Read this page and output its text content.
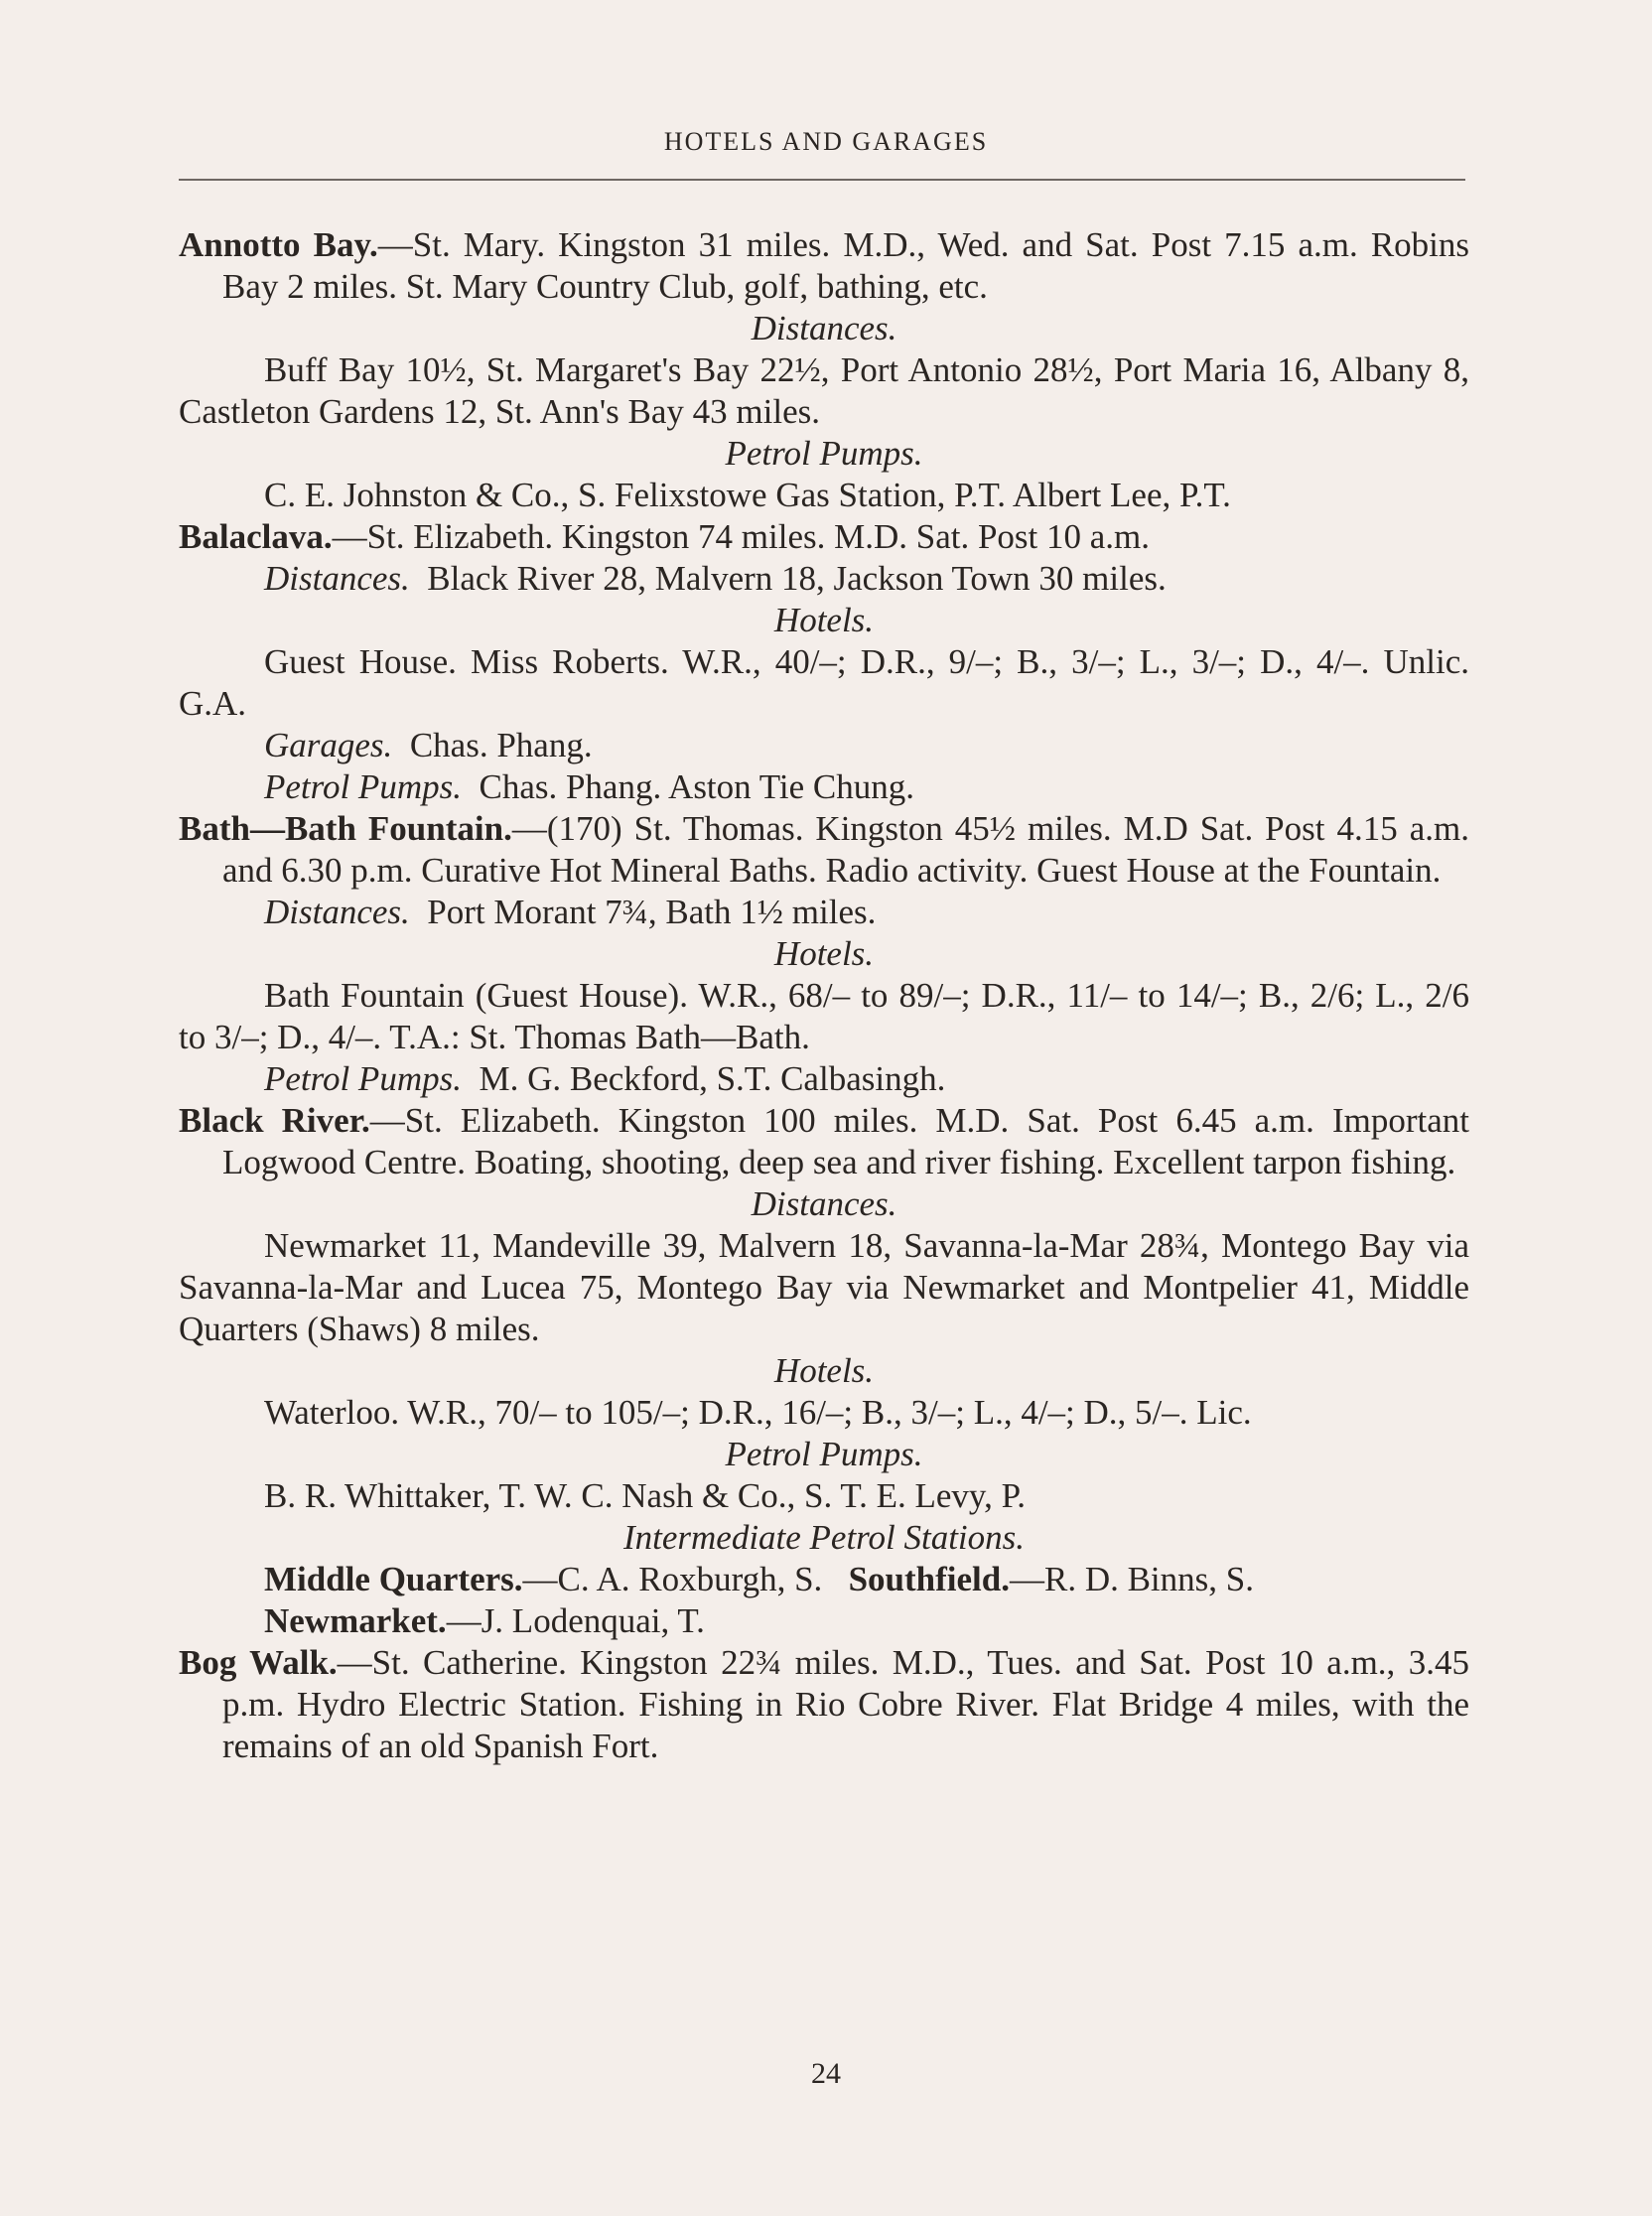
HOTELS AND GARAGES

Annotto Bay.—St. Mary. Kingston 31 miles. M.D., Wed. and Sat. Post 7.15 a.m. Robins Bay 2 miles. St. Mary Country Club, golf, bathing, etc.

Distances.

Buff Bay 10½, St. Margaret's Bay 22½, Port Antonio 28½, Port Maria 16, Albany 8, Castleton Gardens 12, St. Ann's Bay 43 miles.

Petrol Pumps.

C. E. Johnston & Co., S. Felixstowe Gas Station, P.T. Albert Lee, P.T.

Balaclava.—St. Elizabeth. Kingston 74 miles. M.D. Sat. Post 10 a.m.

Distances. Black River 28, Malvern 18, Jackson Town 30 miles.

Hotels.

Guest House. Miss Roberts. W.R., 40/–; D.R., 9/–; B., 3/–; L., 3/–; D., 4/–. Unlic. G.A.

Garages. Chas. Phang.

Petrol Pumps. Chas. Phang. Aston Tie Chung.

Bath—Bath Fountain.—(170) St. Thomas. Kingston 45½ miles. M.D Sat. Post 4.15 a.m. and 6.30 p.m. Curative Hot Mineral Baths. Radio activity. Guest House at the Fountain.

Distances. Port Morant 7¾, Bath 1½ miles.

Hotels.

Bath Fountain (Guest House). W.R., 68/– to 89/–; D.R., 11/– to 14/–; B., 2/6; L., 2/6 to 3/–; D., 4/–. T.A.: St. Thomas Bath—Bath.

Petrol Pumps. M. G. Beckford, S.T. Calbasingh.

Black River.—St. Elizabeth. Kingston 100 miles. M.D. Sat. Post 6.45 a.m. Important Logwood Centre. Boating, shooting, deep sea and river fishing. Excellent tarpon fishing.

Distances.

Newmarket 11, Mandeville 39, Malvern 18, Savanna-la-Mar 28¾, Montego Bay via Savanna-la-Mar and Lucea 75, Montego Bay via Newmarket and Montpelier 41, Middle Quarters (Shaws) 8 miles.

Hotels.

Waterloo. W.R., 70/– to 105/–; D.R., 16/–; B., 3/–; L., 4/–; D., 5/–. Lic.

Petrol Pumps.

B. R. Whittaker, T. W. C. Nash & Co., S. T. E. Levy, P.

Intermediate Petrol Stations.

Middle Quarters.—C. A. Roxburgh, S. Southfield.—R. D. Binns, S.

Newmarket.—J. Lodenquai, T.

Bog Walk.—St. Catherine. Kingston 22¾ miles. M.D., Tues. and Sat. Post 10 a.m., 3.45 p.m. Hydro Electric Station. Fishing in Rio Cobre River. Flat Bridge 4 miles, with the remains of an old Spanish Fort.

24
